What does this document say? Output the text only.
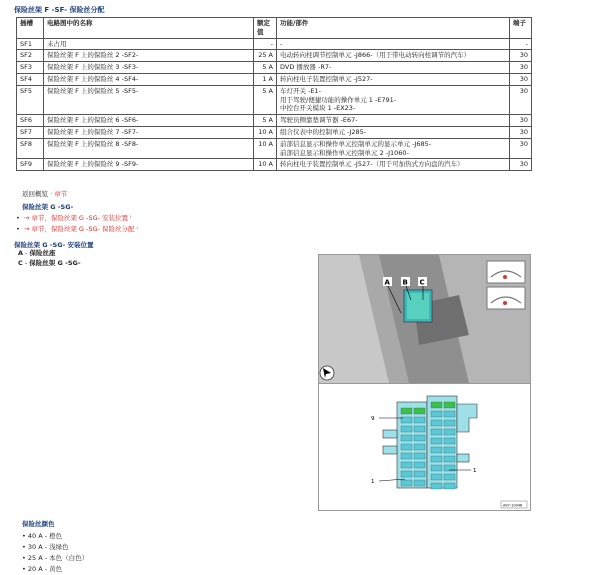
保险丝架 F -SF- 保险丝分配
插槽	电路图中的名称	额定值	功能/部件	端子
SF1	未占用	-	-	-
SF2	保险丝架 F 上的保险丝 2 -SF2-	25 A	电动转向柱调节控制单元 -J866-（用于带电动转向柱调节的汽车）	30
SF3	保险丝架 F 上的保险丝 3 -SF3-	5 A	DVD 播放器 -R7-	30
SF4	保险丝架 F 上的保险丝 4 -SF4-	1 A	转向柱电子装置控制单元 -J527-	30
SF5	保险丝架 F 上的保险丝 5 -SF5-	5 A	车灯开关 -E1-
用于驾驶/便捷功能的操作单元 1 -E791-
中控台开关模块 1 -EX23-	30
SF6	保险丝架 F 上的保险丝 6 -SF6-	5 A	驾驶员侧靠垫调节器 -E67-	30
SF7	保险丝架 F 上的保险丝 7 -SF7-	10 A	组合仪表中的控制单元 -J285-	30
SF8	保险丝架 F 上的保险丝 8 -SF8-	10 A	前部信息显示和操作单元控制单元的显示单元 -J685-
前部信息显示和操作单元控制单元 2 -J1060-	30
SF9	保险丝架 F 上的保险丝 9 -SF9-	10 A	转向柱电子装置控制单元 -J527-（用于可加热式方向盘的汽车）	30
返回概览 · 章节
保险丝架 G -SG-
• → 章节，保险丝架 G -SG- 安装位置 ˡ
• → 章节，保险丝架 G -SG- 保险丝分配 ˡ
保险丝架 G -SG- 安装位置
A - 保险丝座
C - 保险丝架 G -SG-
A B C
9
1
1
A97-10046
保险丝颜色
• 40 A - 橙色
• 30 A - 浅绿色
• 25 A - 本色（白色）
• 20 A - 黄色
